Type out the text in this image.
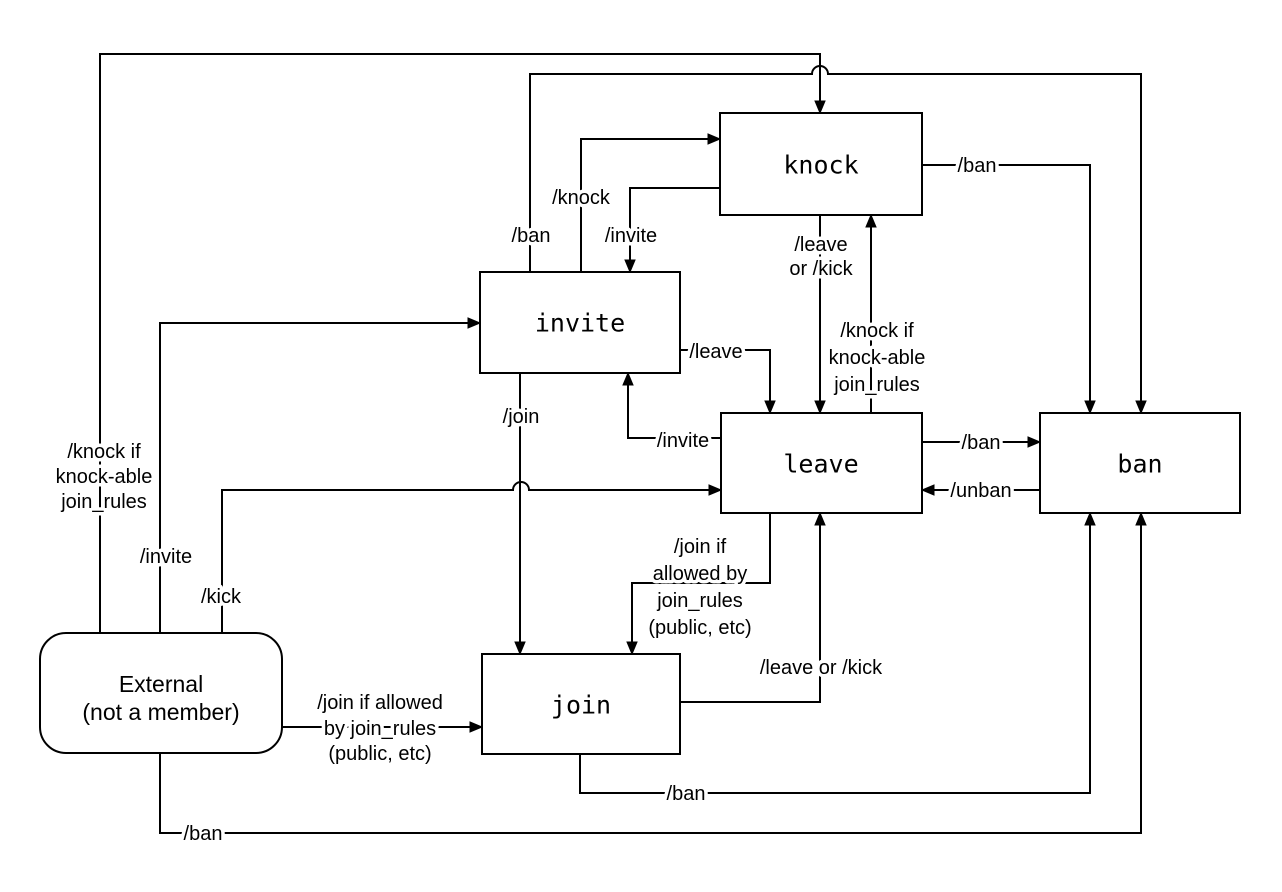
knock
invite
leave	ban
join
External
(not a member)
/knock if
knock-able
join_rules
/invite
/kick
/join if allowed
by join_rules
(public, etc)
/ban
/knock
/invite
/ban
/ban
/leave
or /kick
/knock if
knock-able
join_rules
/leave
/invite
/join
/join if
allowed by
join_rules
(public, etc)
/leave or /kick
/ban
/ban
/unban
